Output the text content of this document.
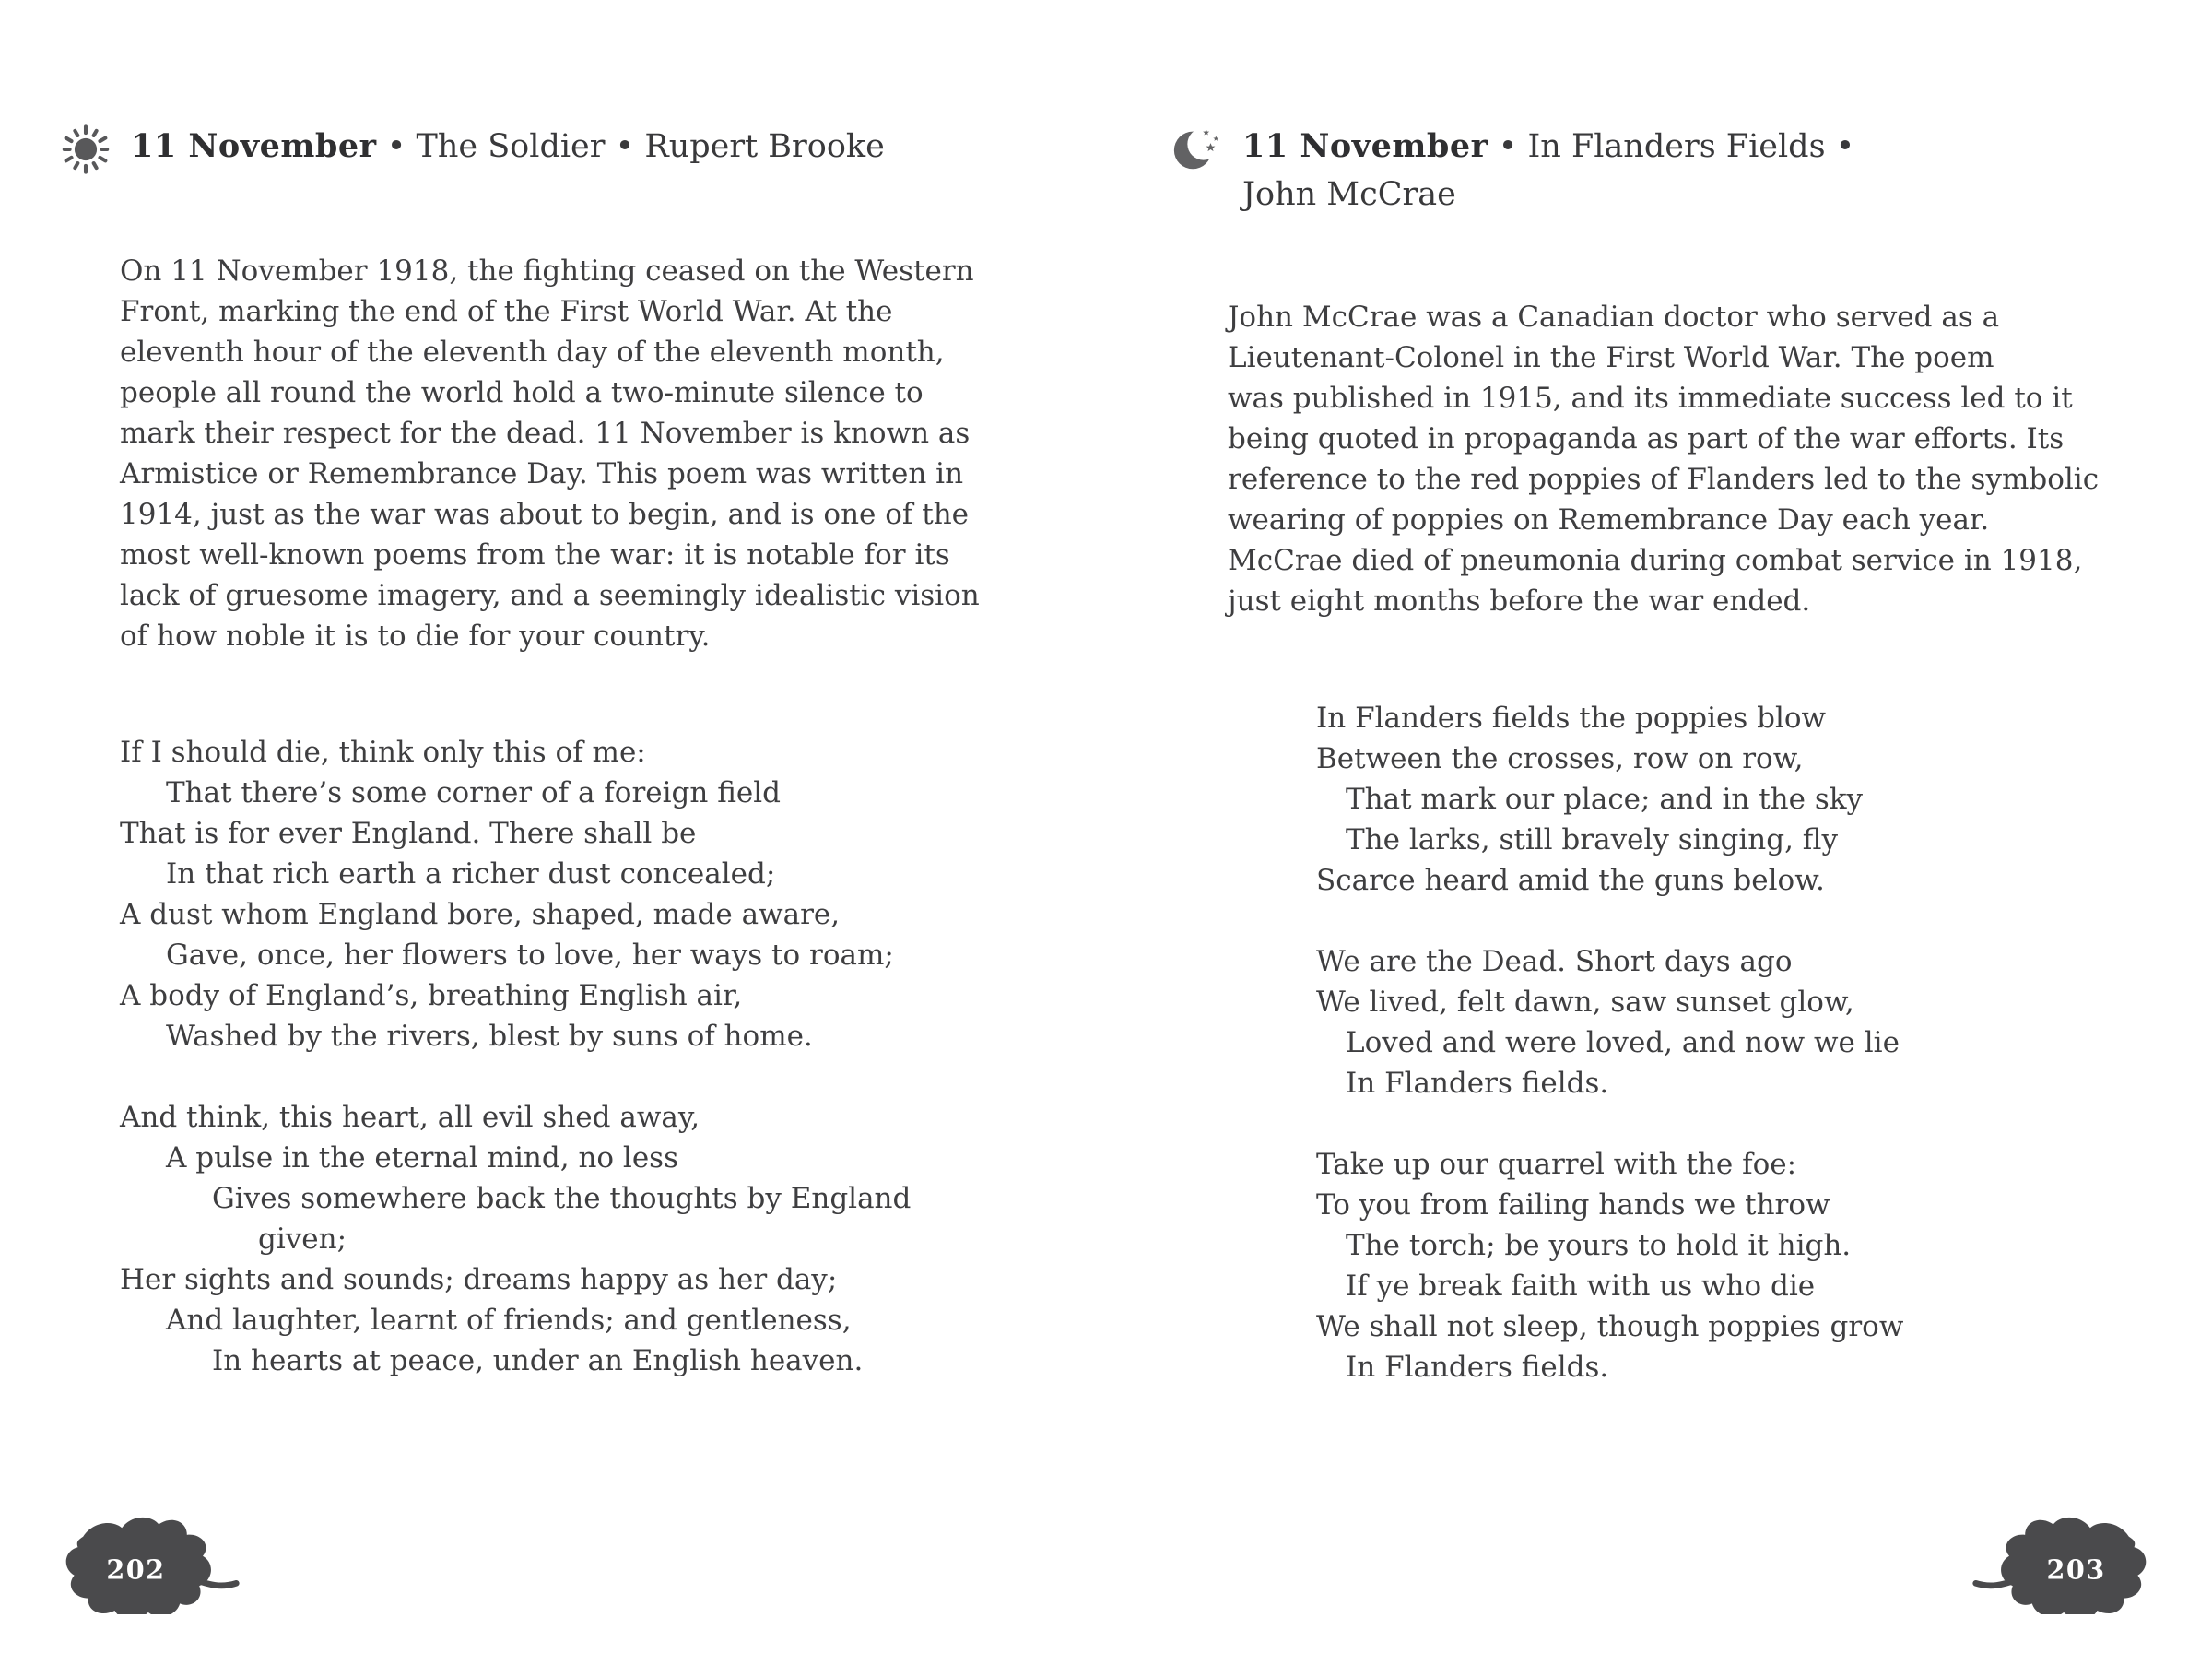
11 November • The Soldier • Rupert Brooke
On 11 November 1918, the fighting ceased on the Western
Front, marking the end of the First World War. At the
eleventh hour of the eleventh day of the eleventh month,
people all round the world hold a two-minute silence to
mark their respect for the dead. 11 November is known as
Armistice or Remembrance Day. This poem was written in
1914, just as the war was about to begin, and is one of the
most well-known poems from the war: it is notable for its
lack of gruesome imagery, and a seemingly idealistic vision
of how noble it is to die for your country.
If I should die, think only this of me:
That there’s some corner of a foreign field
That is for ever England. There shall be
In that rich earth a richer dust concealed;
A dust whom England bore, shaped, made aware,
Gave, once, her flowers to love, her ways to roam;
A body of England’s, breathing English air,
Washed by the rivers, blest by suns of home.
And think, this heart, all evil shed away,
A pulse in the eternal mind, no less
Gives somewhere back the thoughts by England
given;
Her sights and sounds; dreams happy as her day;
And laughter, learnt of friends; and gentleness,
In hearts at peace, under an English heaven.
202
11 November • In Flanders Fields •
John McCrae
John McCrae was a Canadian doctor who served as a
Lieutenant-Colonel in the First World War. The poem
was published in 1915, and its immediate success led to it
being quoted in propaganda as part of the war efforts. Its
reference to the red poppies of Flanders led to the symbolic
wearing of poppies on Remembrance Day each year.
McCrae died of pneumonia during combat service in 1918,
just eight months before the war ended.
In Flanders fields the poppies blow
Between the crosses, row on row,
That mark our place; and in the sky
The larks, still bravely singing, fly
Scarce heard amid the guns below.
We are the Dead. Short days ago
We lived, felt dawn, saw sunset glow,
Loved and were loved, and now we lie
In Flanders fields.
Take up our quarrel with the foe:
To you from failing hands we throw
The torch; be yours to hold it high.
If ye break faith with us who die
We shall not sleep, though poppies grow
In Flanders fields.
203
